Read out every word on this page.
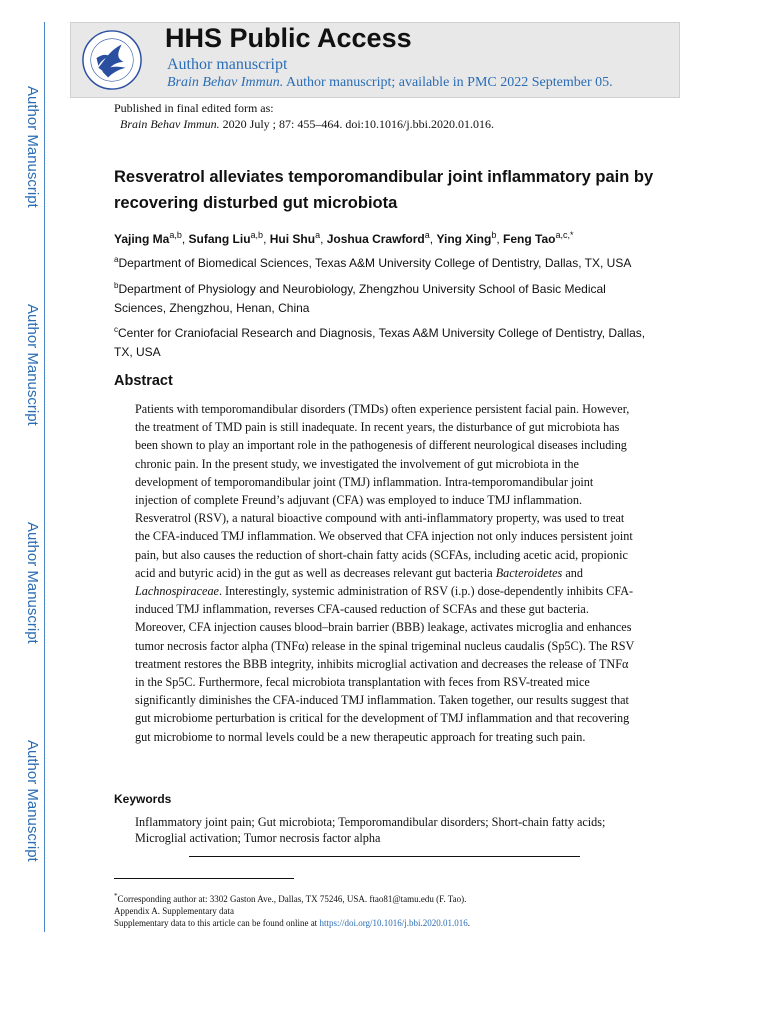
Author Manuscript
Author Manuscript
Author Manuscript
Author Manuscript
HHS Public Access
Author manuscript
Brain Behav Immun. Author manuscript; available in PMC 2022 September 05.
Published in final edited form as:
Brain Behav Immun. 2020 July ; 87: 455–464. doi:10.1016/j.bbi.2020.01.016.
Resveratrol alleviates temporomandibular joint inflammatory pain by recovering disturbed gut microbiota
Yajing Ma$^{a,b}$, Sufang Liu$^{a,b}$, Hui Shu$^a$, Joshua Crawford$^a$, Ying Xing$^b$, Feng Tao$^{a,c,*}$
$^a$Department of Biomedical Sciences, Texas A&M University College of Dentistry, Dallas, TX, USA
$^b$Department of Physiology and Neurobiology, Zhengzhou University School of Basic Medical Sciences, Zhengzhou, Henan, China
$^c$Center for Craniofacial Research and Diagnosis, Texas A&M University College of Dentistry, Dallas, TX, USA
Abstract
Patients with temporomandibular disorders (TMDs) often experience persistent facial pain. However, the treatment of TMD pain is still inadequate. In recent years, the disturbance of gut microbiota has been shown to play an important role in the pathogenesis of different neurological diseases including chronic pain. In the present study, we investigated the involvement of gut microbiota in the development of temporomandibular joint (TMJ) inflammation. Intra-temporomandibular joint injection of complete Freund’s adjuvant (CFA) was employed to induce TMJ inflammation. Resveratrol (RSV), a natural bioactive compound with anti-inflammatory property, was used to treat the CFA-induced TMJ inflammation. We observed that CFA injection not only induces persistent joint pain, but also causes the reduction of short-chain fatty acids (SCFAs, including acetic acid, propionic acid and butyric acid) in the gut as well as decreases relevant gut bacteria Bacteroidetes and Lachnospiraceae. Interestingly, systemic administration of RSV (i.p.) dose-dependently inhibits CFA-induced TMJ inflammation, reverses CFA-caused reduction of SCFAs and these gut bacteria. Moreover, CFA injection causes blood–brain barrier (BBB) leakage, activates microglia and enhances tumor necrosis factor alpha (TNFα) release in the spinal trigeminal nucleus caudalis (Sp5C). The RSV treatment restores the BBB integrity, inhibits microglial activation and decreases the release of TNFα in the Sp5C. Furthermore, fecal microbiota transplantation with feces from RSV-treated mice significantly diminishes the CFA-induced TMJ inflammation. Taken together, our results suggest that gut microbiome perturbation is critical for the development of TMJ inflammation and that recovering gut microbiome to normal levels could be a new therapeutic approach for treating such pain.
Keywords
Inflammatory joint pain; Gut microbiota; Temporomandibular disorders; Short-chain fatty acids; Microglial activation; Tumor necrosis factor alpha
*Corresponding author at: 3302 Gaston Ave., Dallas, TX 75246, USA. ftao81@tamu.edu (F. Tao).
Appendix A. Supplementary data
Supplementary data to this article can be found online at https://doi.org/10.1016/j.bbi.2020.01.016.
